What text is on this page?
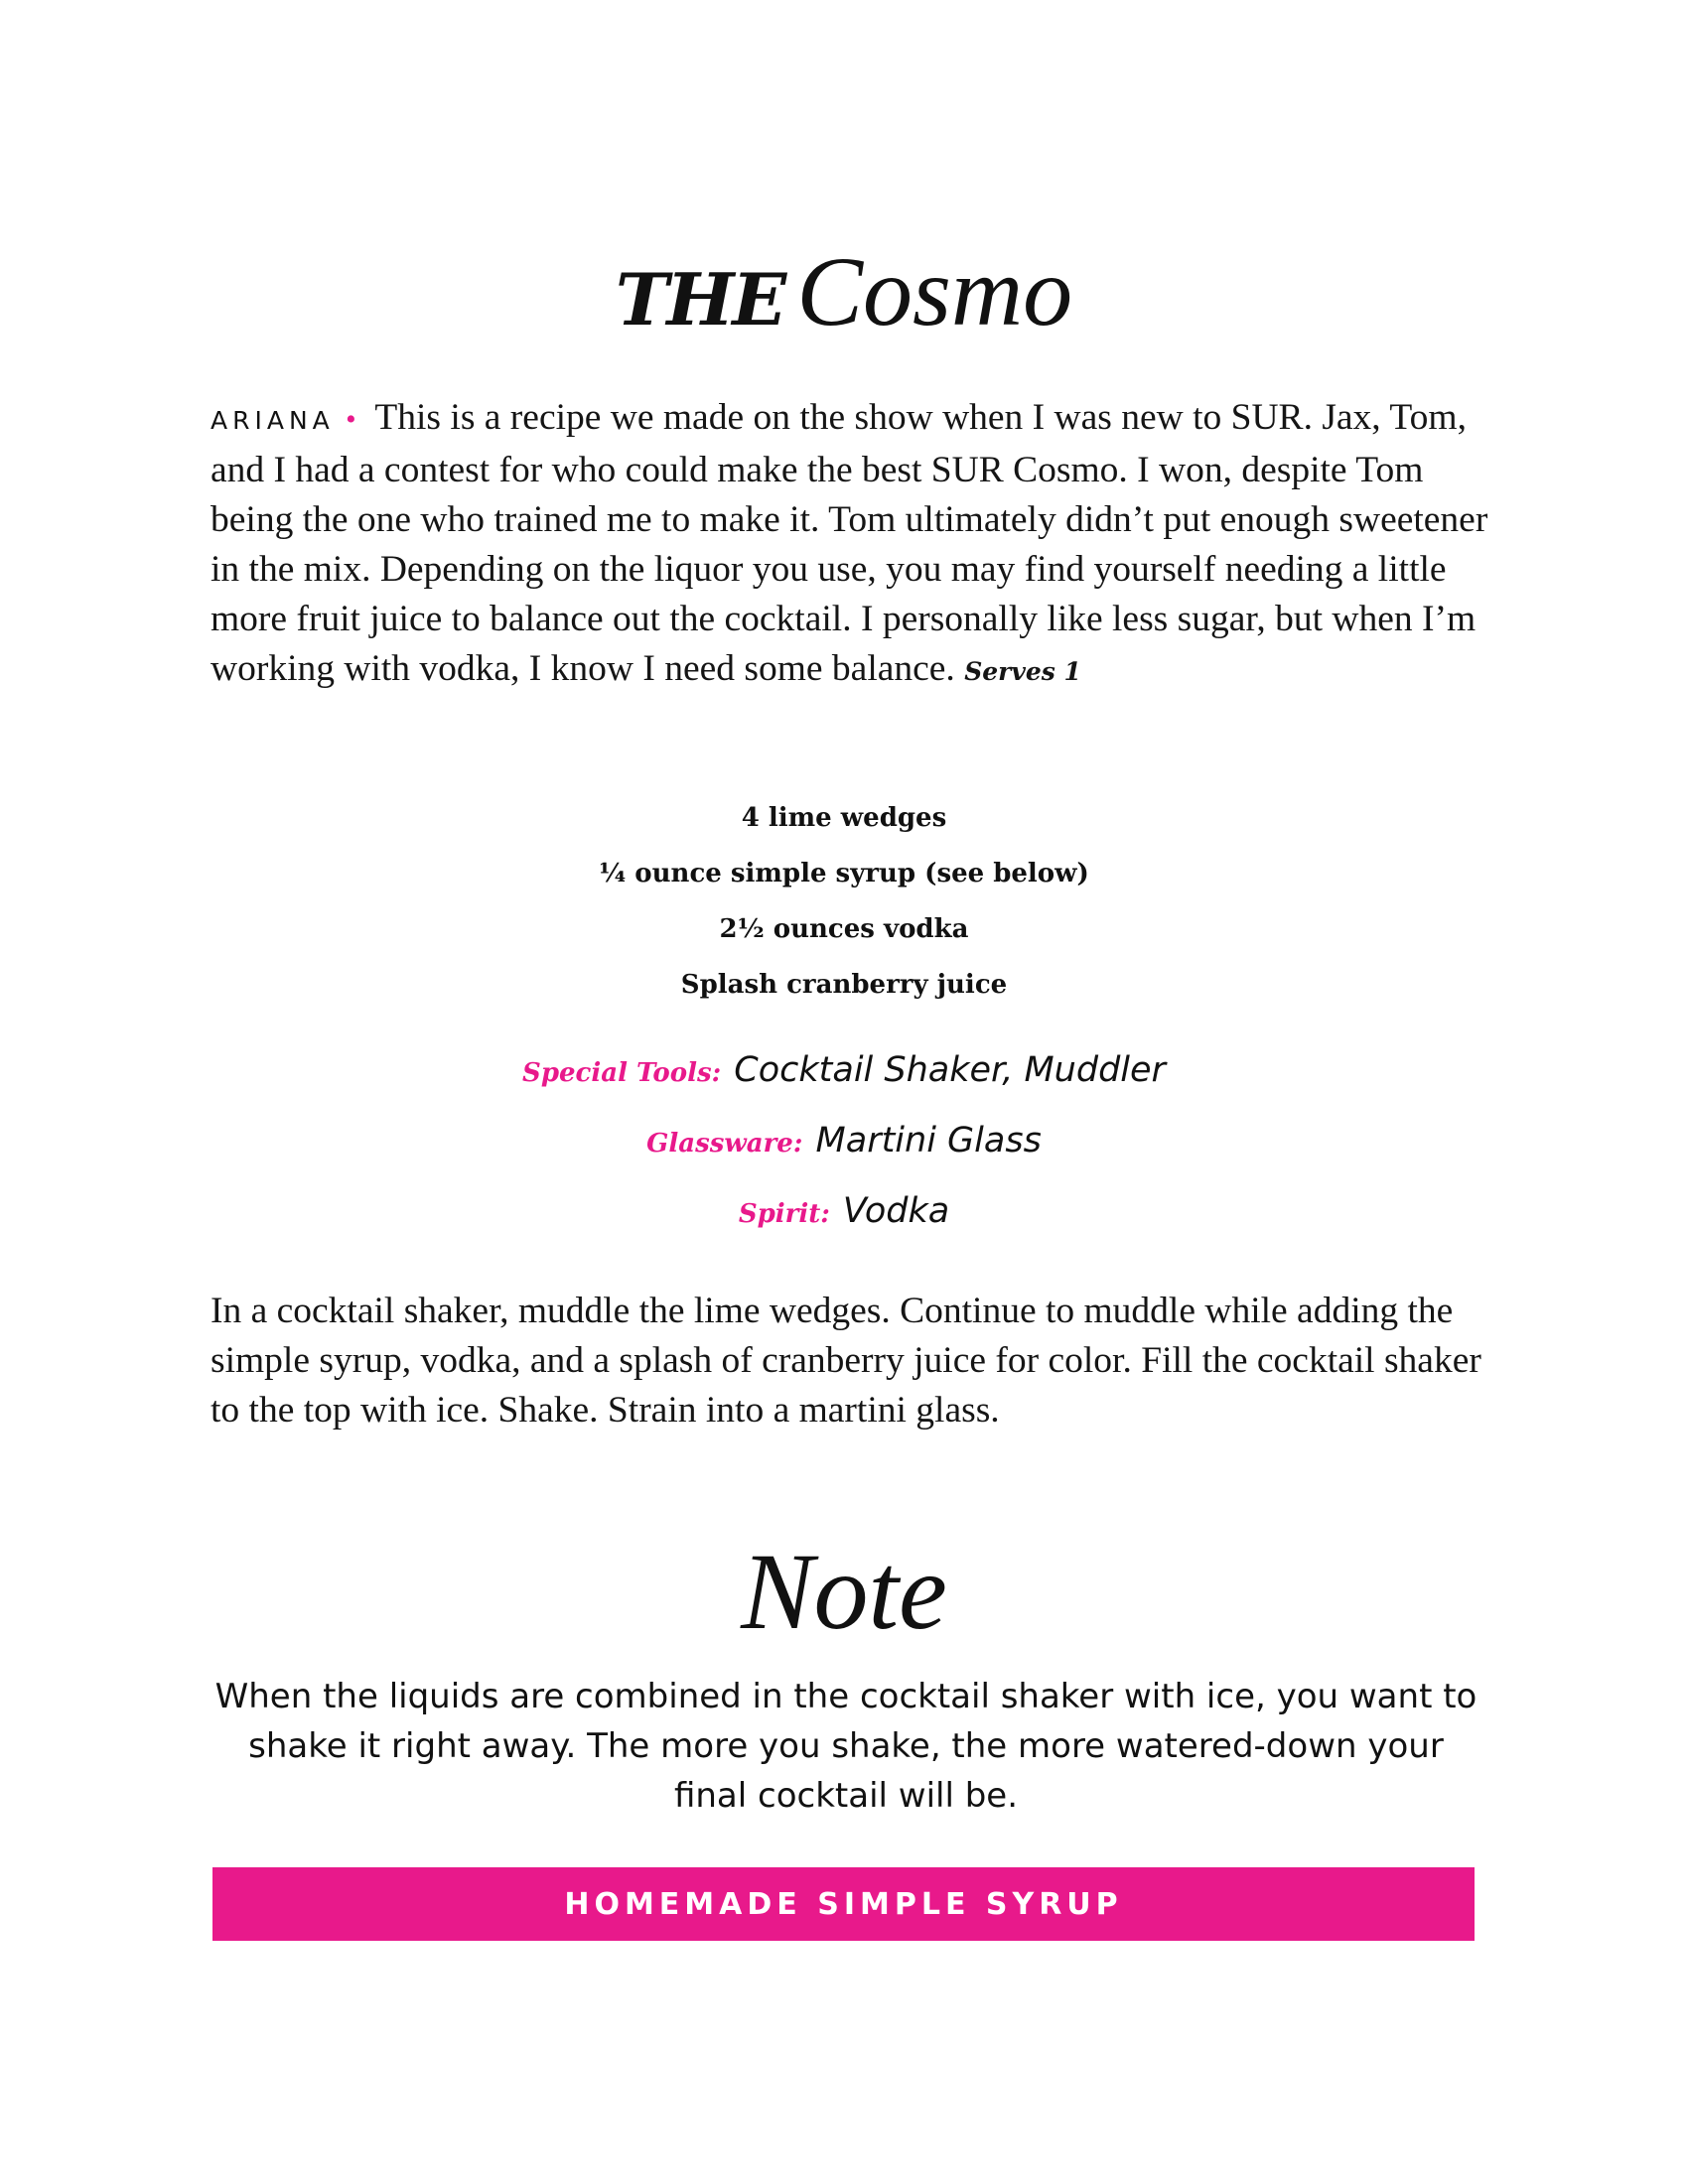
THE Cosmo

ARIANA • This is a recipe we made on the show when I was new to SUR. Jax, Tom, and I had a contest for who could make the best SUR Cosmo. I won, despite Tom being the one who trained me to make it. Tom ultimately didn’t put enough sweetener in the mix. Depending on the liquor you use, you may find yourself needing a little more fruit juice to balance out the cocktail. I personally like less sugar, but when I’m working with vodka, I know I need some balance. Serves 1

4 lime wedges
¼ ounce simple syrup (see below)
2½ ounces vodka
Splash cranberry juice
Special Tools: Cocktail Shaker, Muddler
Glassware: Martini Glass
Spirit: Vodka

In a cocktail shaker, muddle the lime wedges. Continue to muddle while adding the simple syrup, vodka, and a splash of cranberry juice for color. Fill the cocktail shaker to the top with ice. Shake. Strain into a martini glass.

Note

When the liquids are combined in the cocktail shaker with ice, you want to shake it right away. The more you shake, the more watered-down your final cocktail will be.

HOMEMADE SIMPLE SYRUP
